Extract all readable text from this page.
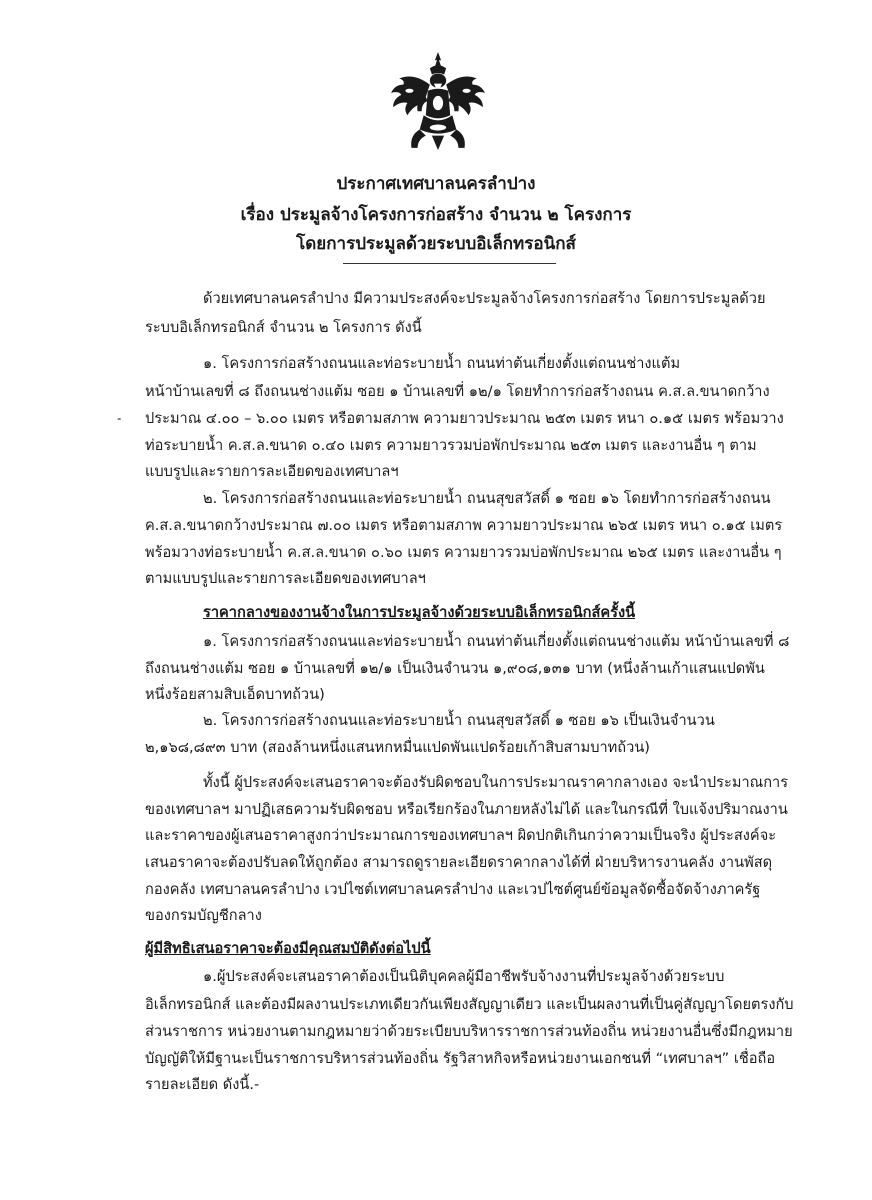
ประกาศเทศบาลนครลำปาง
เรื่อง ประมูลจ้างโครงการก่อสร้าง จำนวน ๒ โครงการ
โดยการประมูลด้วยระบบอิเล็กทรอนิกส์
ด้วยเทศบาลนครลำปาง มีความประสงค์จะประมูลจ้างโครงการก่อสร้าง โดยการประมูลด้วย
ระบบอิเล็กทรอนิกส์ จำนวน ๒ โครงการ ดังนี้
๑. โครงการก่อสร้างถนนและท่อระบายน้ำ ถนนท่าต้นเกี่ยงตั้งแต่ถนนช่างแต้ม
หน้าบ้านเลขที่ ๘ ถึงถนนช่างแต้ม ซอย ๑ บ้านเลขที่ ๑๒/๑ โดยทำการก่อสร้างถนน ค.ส.ล.ขนาดกว้าง
ประมาณ ๔.๐๐ – ๖.๐๐ เมตร หรือตามสภาพ ความยาวประมาณ ๒๕๓ เมตร หนา ๐.๑๕ เมตร พร้อมวาง
ท่อระบายน้ำ ค.ส.ล.ขนาด ๐.๔๐ เมตร ความยาวรวมบ่อพักประมาณ ๒๕๓ เมตร และงานอื่น ๆ ตาม
แบบรูปและรายการละเอียดของเทศบาลฯ
˗
๒. โครงการก่อสร้างถนนและท่อระบายน้ำ ถนนสุขสวัสดิ์ ๑ ซอย ๑๖ โดยทำการก่อสร้างถนน
ค.ส.ล.ขนาดกว้างประมาณ ๗.๐๐ เมตร หรือตามสภาพ ความยาวประมาณ ๒๖๕ เมตร หนา ๐.๑๕ เมตร
พร้อมวางท่อระบายน้ำ ค.ส.ล.ขนาด ๐.๖๐ เมตร ความยาวรวมบ่อพักประมาณ ๒๖๕ เมตร และงานอื่น ๆ
ตามแบบรูปและรายการละเอียดของเทศบาลฯ
ราคากลางของงานจ้างในการประมูลจ้างด้วยระบบอิเล็กทรอนิกส์ครั้งนี้
๑. โครงการก่อสร้างถนนและท่อระบายน้ำ ถนนท่าต้นเกี่ยงตั้งแต่ถนนช่างแต้ม หน้าบ้านเลขที่ ๘
ถึงถนนช่างแต้ม ซอย ๑ บ้านเลขที่ ๑๒/๑ เป็นเงินจำนวน ๑,๙๐๘,๑๓๑ บาท (หนึ่งล้านเก้าแสนแปดพัน
หนึ่งร้อยสามสิบเอ็ดบาทถ้วน)
๒. โครงการก่อสร้างถนนและท่อระบายน้ำ ถนนสุขสวัสดิ์ ๑ ซอย ๑๖ เป็นเงินจำนวน
๒,๑๖๘,๘๙๓ บาท (สองล้านหนึ่งแสนหกหมื่นแปดพันแปดร้อยเก้าสิบสามบาทถ้วน)
ทั้งนี้ ผู้ประสงค์จะเสนอราคาจะต้องรับผิดชอบในการประมาณราคากลางเอง จะนำประมาณการ
ของเทศบาลฯ มาปฏิเสธความรับผิดชอบ หรือเรียกร้องในภายหลังไม่ได้ และในกรณีที่ ใบแจ้งปริมาณงาน
และราคาของผู้เสนอราคาสูงกว่าประมาณการของเทศบาลฯ ผิดปกติเกินกว่าความเป็นจริง ผู้ประสงค์จะ
เสนอราคาจะต้องปรับลดให้ถูกต้อง สามารถดูรายละเอียดราคากลางได้ที่ ฝ่ายบริหารงานคลัง งานพัสดุ
กองคลัง เทศบาลนครลำปาง เวปไซต์เทศบาลนครลำปาง และเวปไซต์ศูนย์ข้อมูลจัดซื้อจัดจ้างภาครัฐ
ของกรมบัญชีกลาง
ผู้มีสิทธิเสนอราคาจะต้องมีคุณสมบัติดังต่อไปนี้
๑.ผู้ประสงค์จะเสนอราคาต้องเป็นนิติบุคคลผู้มีอาชีพรับจ้างงานที่ประมูลจ้างด้วยระบบ
อิเล็กทรอนิกส์ และต้องมีผลงานประเภทเดียวกันเพียงสัญญาเดียว และเป็นผลงานที่เป็นคู่สัญญาโดยตรงกับ
ส่วนราชการ หน่วยงานตามกฎหมายว่าด้วยระเบียบบริหารราชการส่วนท้องถิ่น หน่วยงานอื่นซึ่งมีกฎหมาย
บัญญัติให้มีฐานะเป็นราชการบริหารส่วนท้องถิ่น รัฐวิสาหกิจหรือหน่วยงานเอกชนที่ “เทศบาลฯ” เชื่อถือ
รายละเอียด ดังนี้.-
